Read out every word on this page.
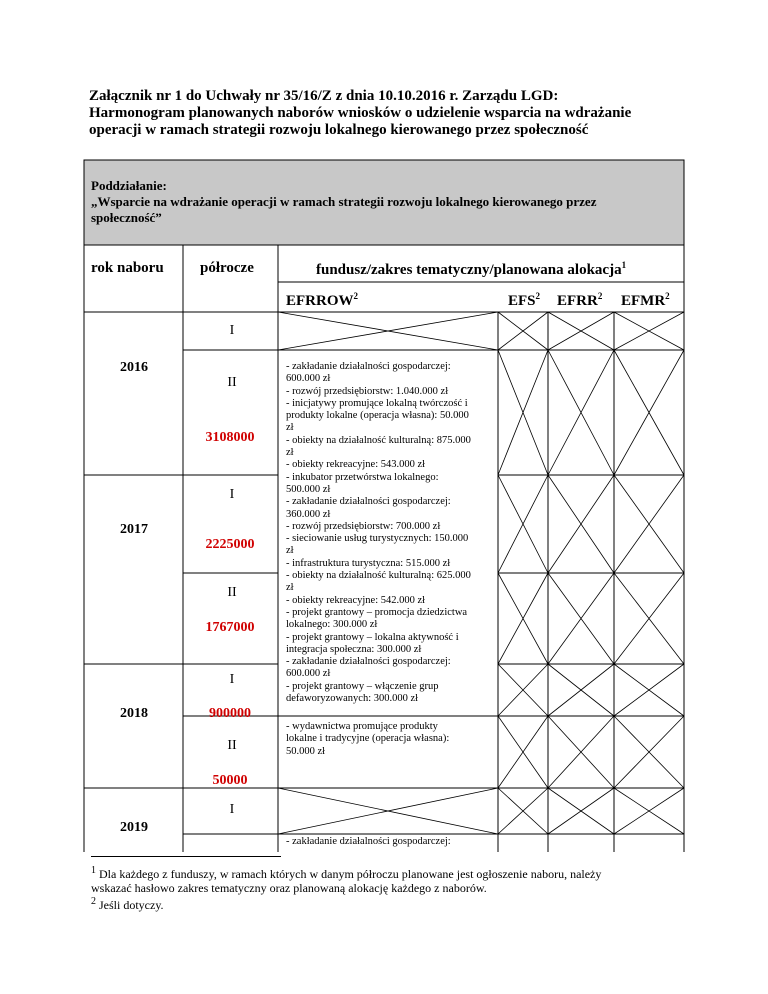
Załącznik nr 1 do Uchwały nr 35/16/Z z dnia 10.10.2016 r. Zarządu LGD:
Harmonogram planowanych naborów wniosków o udzielenie wsparcia na wdrażanie
operacji w ramach strategii rozwoju lokalnego kierowanego przez społeczność
Poddziałanie:
„Wsparcie na wdrażanie operacji w ramach strategii rozwoju lokalnego kierowanego przez
społeczność”
rok naboru półrocze	fundusz/zakres tematyczny/planowana alokacja$^1$
EFRROW$^2$	EFS$^2$ EFRR$^2$ EFMR$^2$
2016
I
II
3108000
2017
I
2225000
II
1767000
2018
I
900000
II
50000
2019
I
- zakładanie działalności gospodarczej:
600.000 zł
- rozwój przedsiębiorstw: 1.040.000 zł
- inicjatywy promujące lokalną twórczość i
produkty lokalne (operacja własna): 50.000
zł
- obiekty na działalność kulturalną: 875.000
zł
- obiekty rekreacyjne: 543.000 zł
- inkubator przetwórstwa lokalnego:
500.000 zł
- zakładanie działalności gospodarczej:
360.000 zł
- rozwój przedsiębiorstw: 700.000 zł
- sieciowanie usług turystycznych: 150.000
zł
- infrastruktura turystyczna: 515.000 zł
- obiekty na działalność kulturalną: 625.000
zł
- obiekty rekreacyjne: 542.000 zł
- projekt grantowy – promocja dziedzictwa
lokalnego: 300.000 zł
- projekt grantowy – lokalna aktywność i
integracja społeczna: 300.000 zł
- zakładanie działalności gospodarczej:
600.000 zł
- projekt grantowy – włączenie grup
defaworyzowanych: 300.000 zł
- wydawnictwa promujące produkty
lokalne i tradycyjne (operacja własna):
50.000 zł
- zakładanie działalności gospodarczej:
$^1$ Dla każdego z funduszy, w ramach których w danym półroczu planowane jest ogłoszenie naboru, należy
wskazać hasłowo zakres tematyczny oraz planowaną alokację każdego z naborów.
$^2$ Jeśli dotyczy.
